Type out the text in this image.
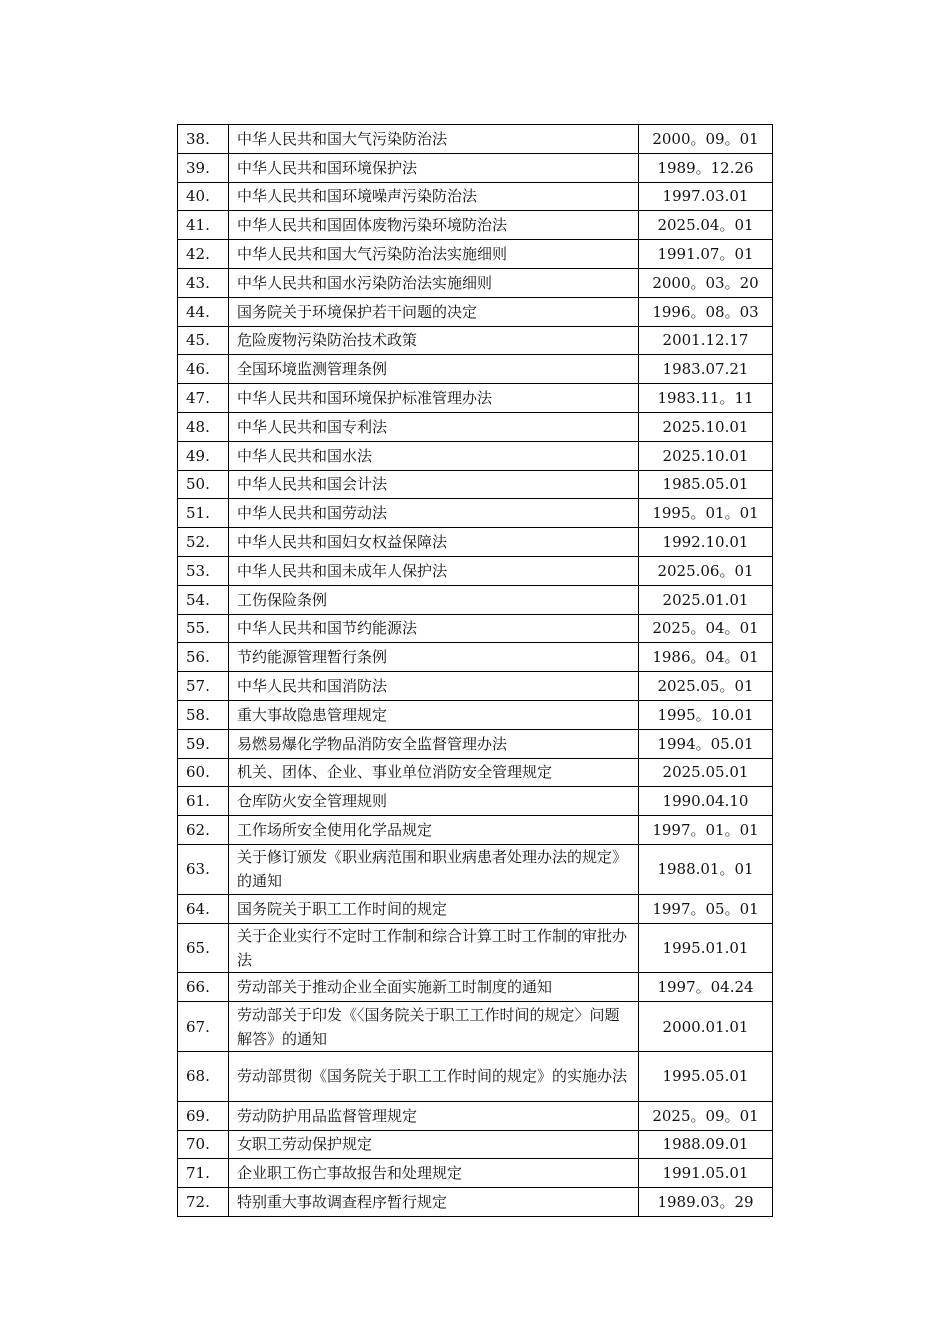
38.	中华人民共和国大气污染防治法	2000。09。01
39.	中华人民共和国环境保护法	1989。12.26
40.	中华人民共和国环境噪声污染防治法	1997.03.01
41.	中华人民共和国固体废物污染环境防治法	2025.04。01
42.	中华人民共和国大气污染防治法实施细则	1991.07。01
43.	中华人民共和国水污染防治法实施细则	2000。03。20
44.	国务院关于环境保护若干问题的决定	1996。08。03
45.	危险废物污染防治技术政策	2001.12.17
46.	全国环境监测管理条例	1983.07.21
47.	中华人民共和国环境保护标准管理办法	1983.11。11
48.	中华人民共和国专利法	2025.10.01
49.	中华人民共和国水法	2025.10.01
50.	中华人民共和国会计法	1985.05.01
51.	中华人民共和国劳动法	1995。01。01
52.	中华人民共和国妇女权益保障法	1992.10.01
53.	中华人民共和国未成年人保护法	2025.06。01
54.	工伤保险条例	2025.01.01
55.	中华人民共和国节约能源法	2025。04。01
56.	节约能源管理暂行条例	1986。04。01
57.	中华人民共和国消防法	2025.05。01
58.	重大事故隐患管理规定	1995。10.01
59.	易燃易爆化学物品消防安全监督管理办法	1994。05.01
60.	机关、团体、企业、事业单位消防安全管理规定	2025.05.01
61.	仓库防火安全管理规则	1990.04.10
62.	工作场所安全使用化学品规定	1997。01。01
63.	关于修订颁发《职业病范围和职业病患者处理办法的规定》的通知	1988.01。01
64.	国务院关于职工工作时间的规定	1997。05。01
65.	关于企业实行不定时工作制和综合计算工时工作制的审批办法	1995.01.01
66.	劳动部关于推动企业全面实施新工时制度的通知	1997。04.24
67.	劳动部关于印发《〈国务院关于职工工作时间的规定〉问题解答》的通知	2000.01.01
68.	劳动部贯彻《国务院关于职工工作时间的规定》的实施办法	1995.05.01
69.	劳动防护用品监督管理规定	2025。09。01
70.	女职工劳动保护规定	1988.09.01
71.	企业职工伤亡事故报告和处理规定	1991.05.01
72.	特别重大事故调查程序暂行规定	1989.03。29
